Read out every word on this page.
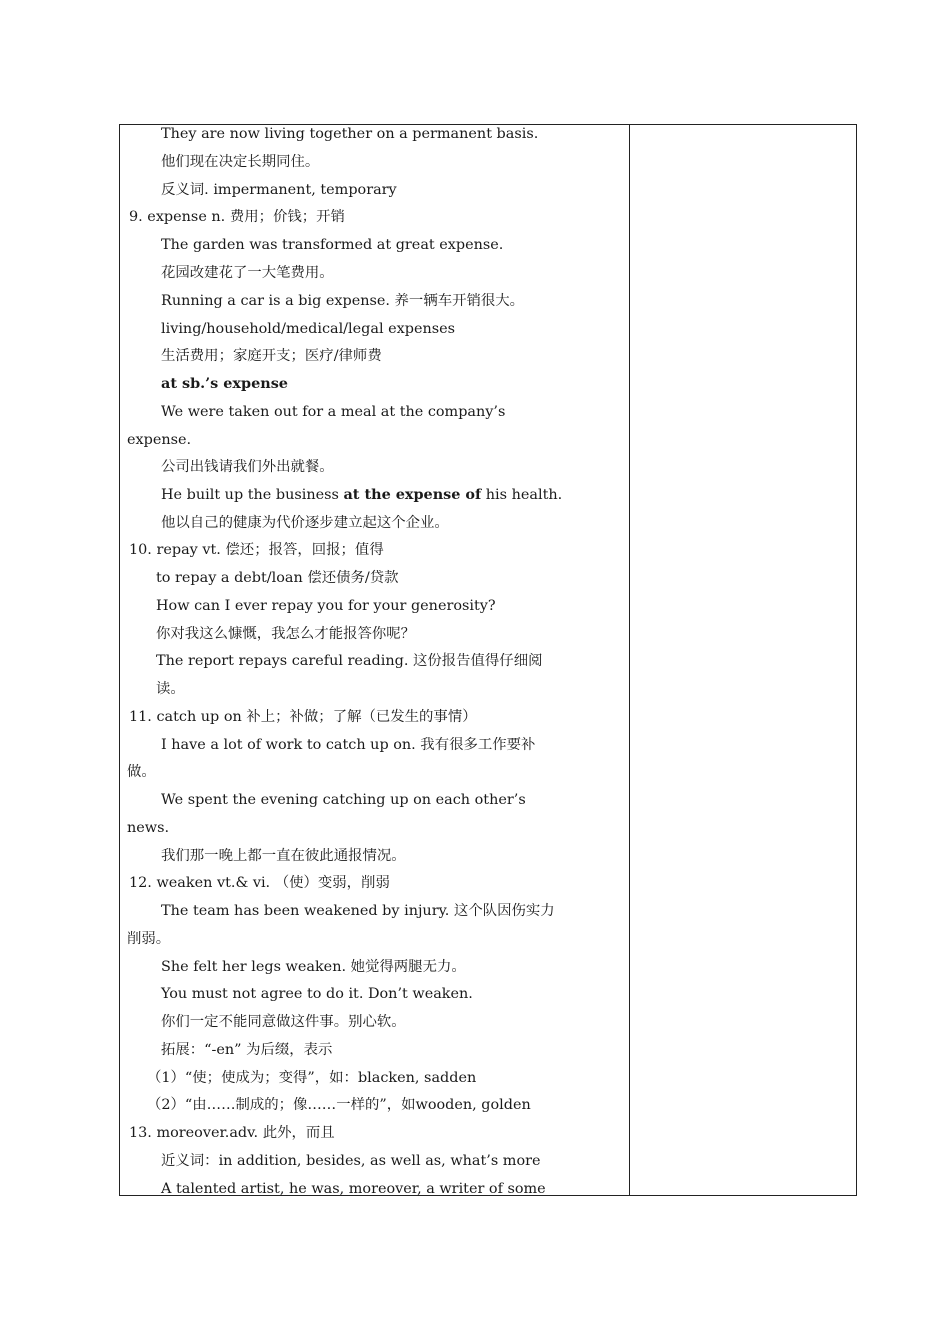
They are now living together on a permanent basis.
他们现在决定长期同住。
反义词. impermanent, temporary
9. expense n. 费用；价钱；开销
The garden was transformed at great expense.
花园改建花了一大笔费用。
Running a car is a big expense. 养一辆车开销很大。
living/household/medical/legal expenses
生活费用；家庭开支；医疗/律师费
at sb.’s expense
We were taken out for a meal at the company’s
expense.
公司出钱请我们外出就餐。
He built up the business at the expense of his health.
他以自己的健康为代价逐步建立起这个企业。
10. repay vt. 偿还；报答，回报；值得
to repay a debt/loan 偿还债务/贷款
How can I ever repay you for your generosity?
你对我这么慷慨，我怎么才能报答你呢？
The report repays careful reading. 这份报告值得仔细阅
读。
11. catch up on 补上；补做；了解（已发生的事情）
I have a lot of work to catch up on. 我有很多工作要补
做。
We spent the evening catching up on each other’s
news.
我们那一晚上都一直在彼此通报情况。
12. weaken vt.& vi. （使）变弱，削弱
The team has been weakened by injury. 这个队因伤实力
削弱。
She felt her legs weaken. 她觉得两腿无力。
You must not agree to do it. Don’t weaken.
你们一定不能同意做这件事。别心软。
拓展：“-en” 为后缀，表示
（1）“使；使成为；变得”，如：blacken, sadden
（2）“由……制成的；像……一样的”，如wooden, golden
13. moreover.adv. 此外，而且
近义词：in addition, besides, as well as, what’s more
A talented artist, he was, moreover, a writer of some
